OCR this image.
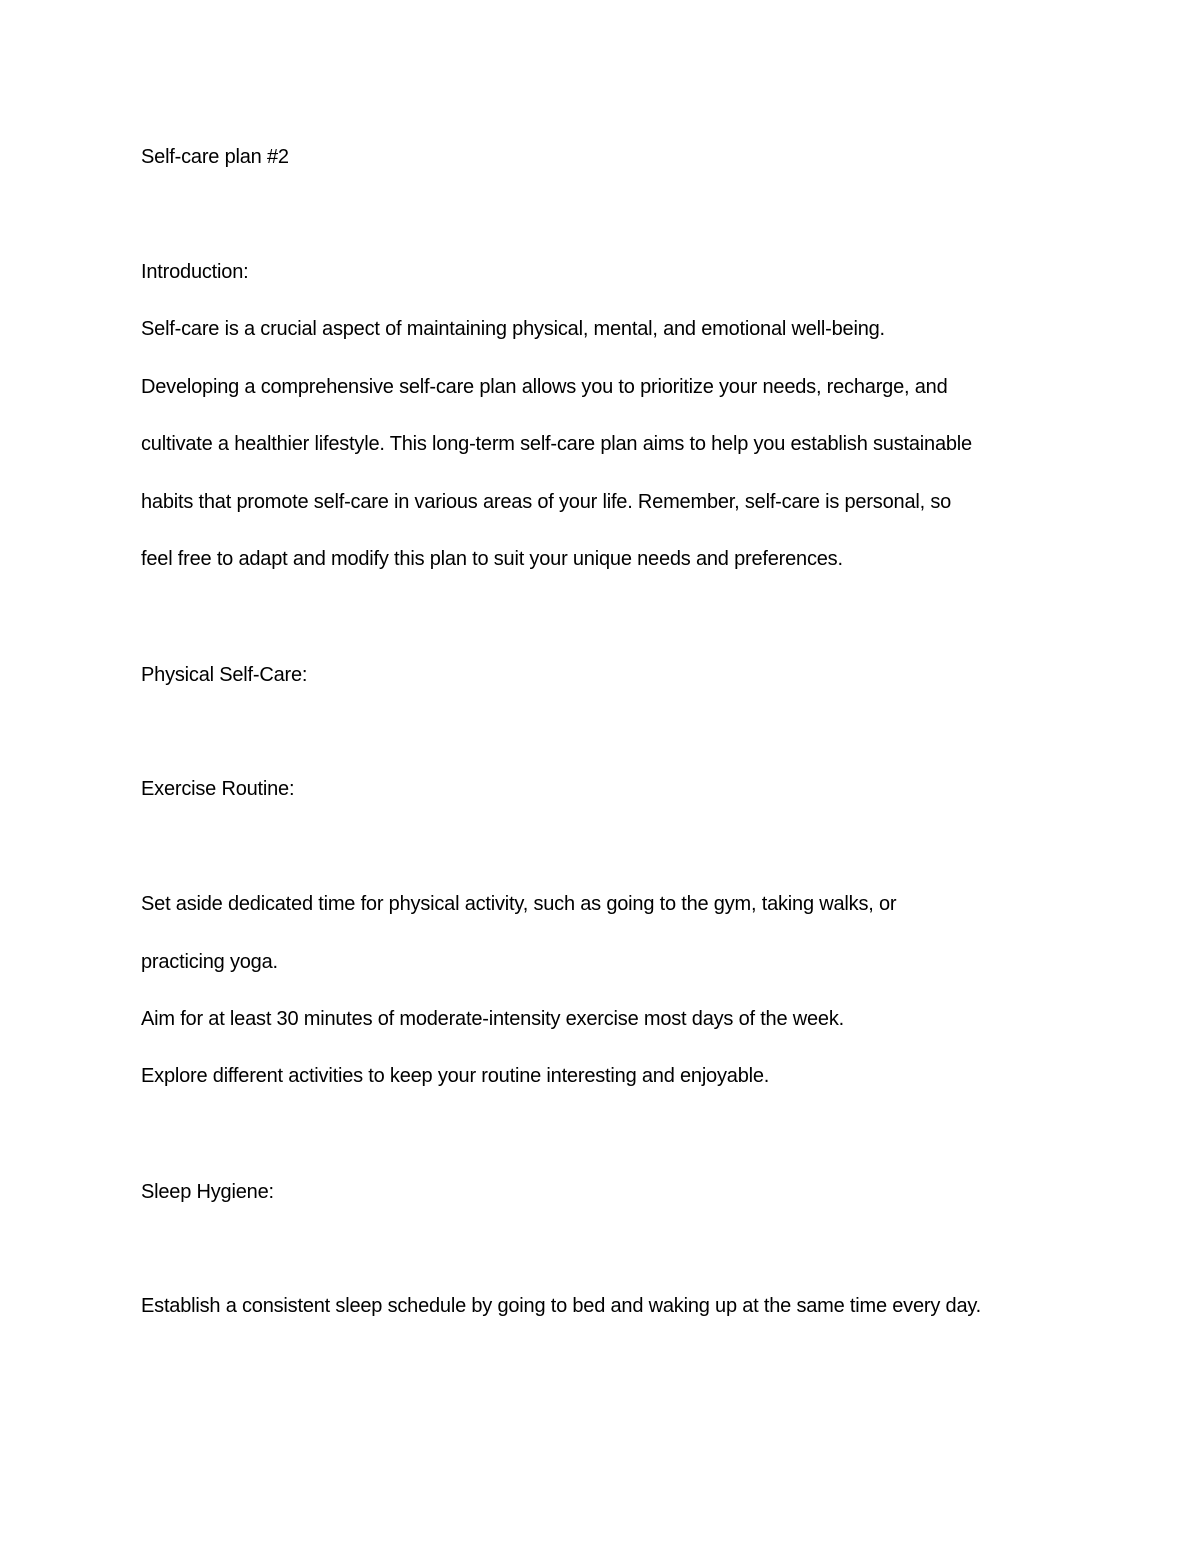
Self-care plan #2
Introduction:
Self-care is a crucial aspect of maintaining physical, mental, and emotional well-being.
Developing a comprehensive self-care plan allows you to prioritize your needs, recharge, and
cultivate a healthier lifestyle. This long-term self-care plan aims to help you establish sustainable
habits that promote self-care in various areas of your life. Remember, self-care is personal, so
feel free to adapt and modify this plan to suit your unique needs and preferences.
Physical Self-Care:
Exercise Routine:
Set aside dedicated time for physical activity, such as going to the gym, taking walks, or
practicing yoga.
Aim for at least 30 minutes of moderate-intensity exercise most days of the week.
Explore different activities to keep your routine interesting and enjoyable.
Sleep Hygiene:
Establish a consistent sleep schedule by going to bed and waking up at the same time every day.
